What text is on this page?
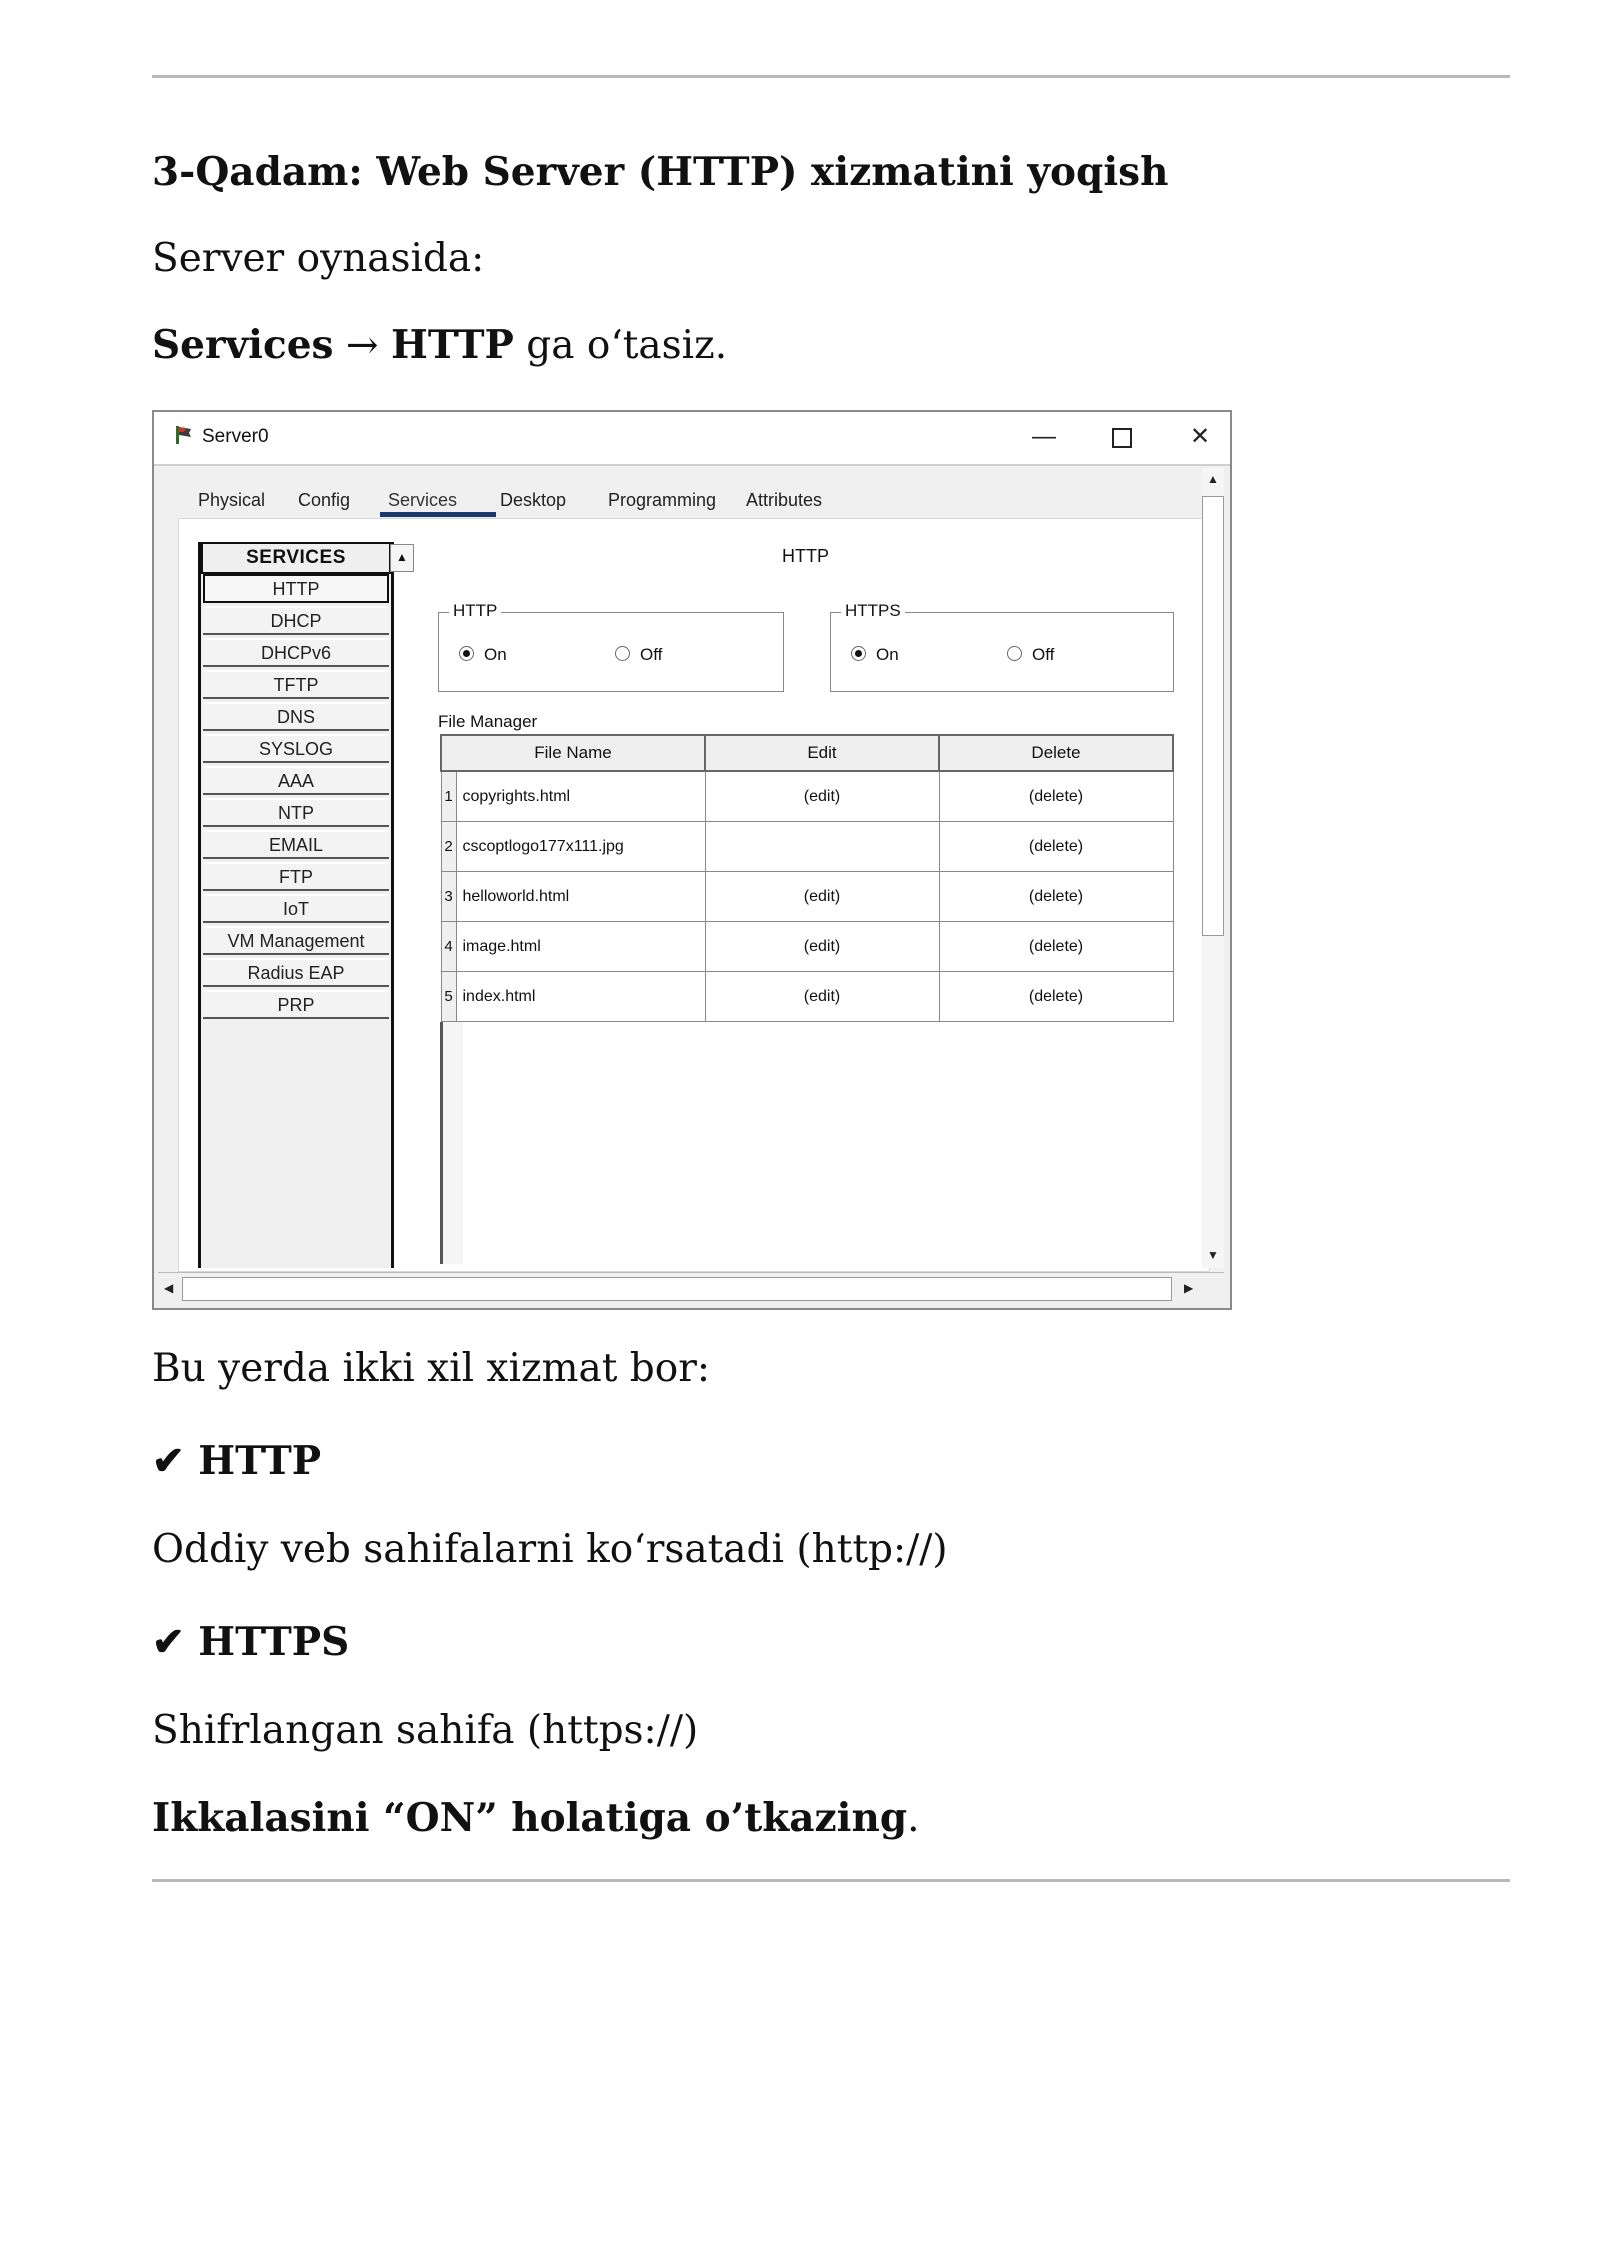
3-Qadam: Web Server (HTTP) xizmatini yoqish
Server oynasida:
Services → HTTP ga o‘tasiz.
Server0	—	✕
Physical Config Services Desktop Programming Attributes
SERVICES
HTTP
DHCP
DHCPv6
TFTP
DNS
SYSLOG
AAA
NTP
EMAIL
FTP
IoT
VM Management
Radius EAP
PRP
▲	HTTP
HTTP
On	Off
HTTPS
On	Off
File Manager
File Name		Edit	Delete
1	copyrights.html	(edit)	(delete)
2	cscoptlogo177x111.jpg		(delete)
3	helloworld.html	(edit)	(delete)
4	image.html	(edit)	(delete)
5	index.html	(edit)	(delete)
▲
▼
◀	▶
Bu yerda ikki xil xizmat bor:
✔ HTTP
Oddiy veb sahifalarni ko‘rsatadi (http://)
✔ HTTPS
Shifrlangan sahifa (https://)
Ikkalasini “ON” holatiga o’tkazing.
